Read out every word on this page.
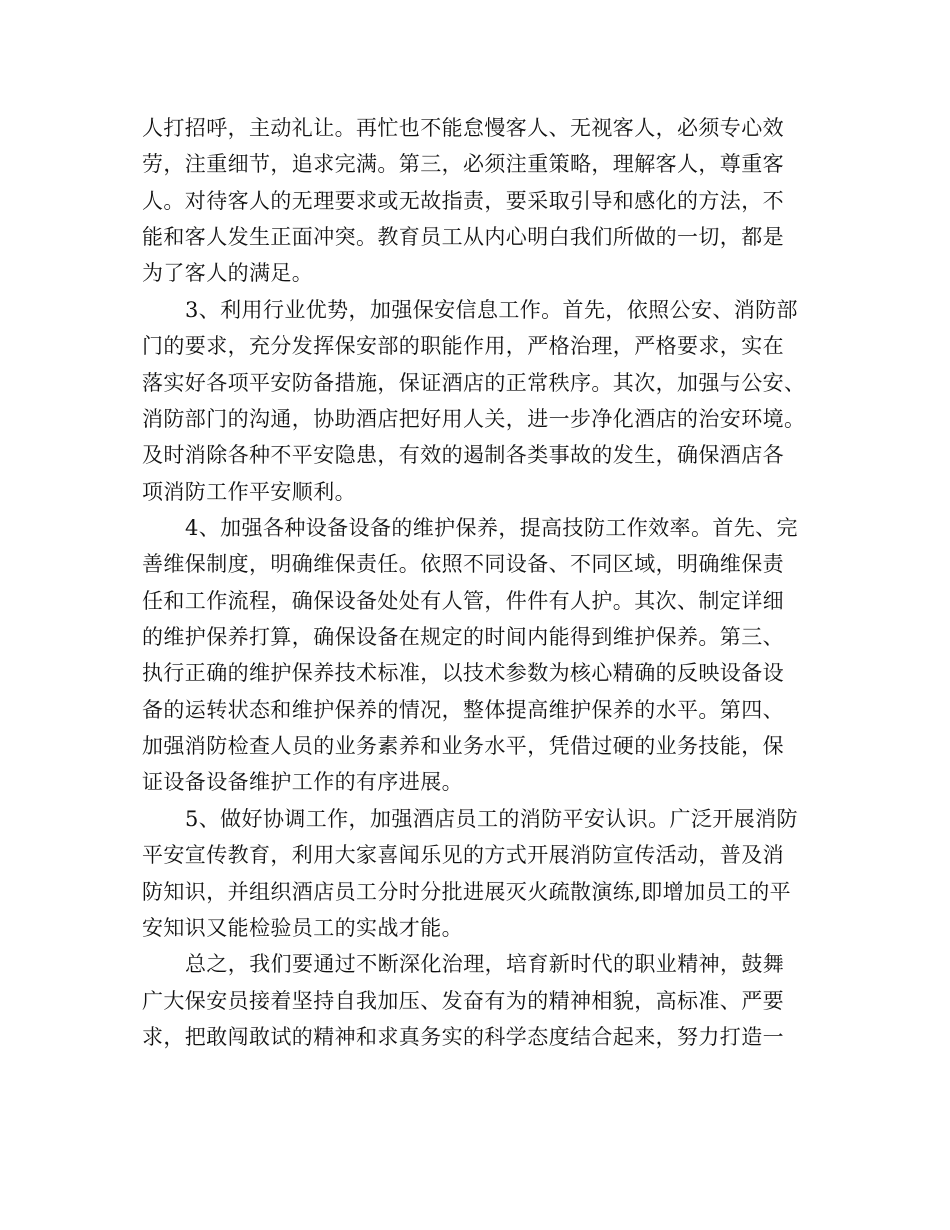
人打招呼，主动礼让。再忙也不能怠慢客人、无视客人，必须专心效
劳，注重细节，追求完满。第三，必须注重策略，理解客人，尊重客
人。对待客人的无理要求或无故指责，要采取引导和感化的方法，不
能和客人发生正面冲突。教育员工从内心明白我们所做的一切，都是
为了客人的满足。
3、利用行业优势，加强保安信息工作。首先，依照公安、消防部
门的要求，充分发挥保安部的职能作用，严格治理，严格要求，实在
落实好各项平安防备措施，保证酒店的正常秩序。其次，加强与公安、
消防部门的沟通，协助酒店把好用人关，进一步净化酒店的治安环境。
及时消除各种不平安隐患，有效的遏制各类事故的发生，确保酒店各
项消防工作平安顺利。
4、加强各种设备设备的维护保养，提高技防工作效率。首先、完
善维保制度，明确维保责任。依照不同设备、不同区域，明确维保责
任和工作流程，确保设备处处有人管，件件有人护。其次、制定详细
的维护保养打算，确保设备在规定的时间内能得到维护保养。第三、
执行正确的维护保养技术标准，以技术参数为核心精确的反映设备设
备的运转状态和维护保养的情况，整体提高维护保养的水平。第四、
加强消防检查人员的业务素养和业务水平，凭借过硬的业务技能，保
证设备设备维护工作的有序进展。
5、做好协调工作，加强酒店员工的消防平安认识。广泛开展消防
平安宣传教育，利用大家喜闻乐见的方式开展消防宣传活动，普及消
防知识，并组织酒店员工分时分批进展灭火疏散演练,即增加员工的平
安知识又能检验员工的实战才能。
总之，我们要通过不断深化治理，培育新时代的职业精神，鼓舞
广大保安员接着坚持自我加压、发奋有为的精神相貌，高标准、严要
求，把敢闯敢试的精神和求真务实的科学态度结合起来，努力打造一
